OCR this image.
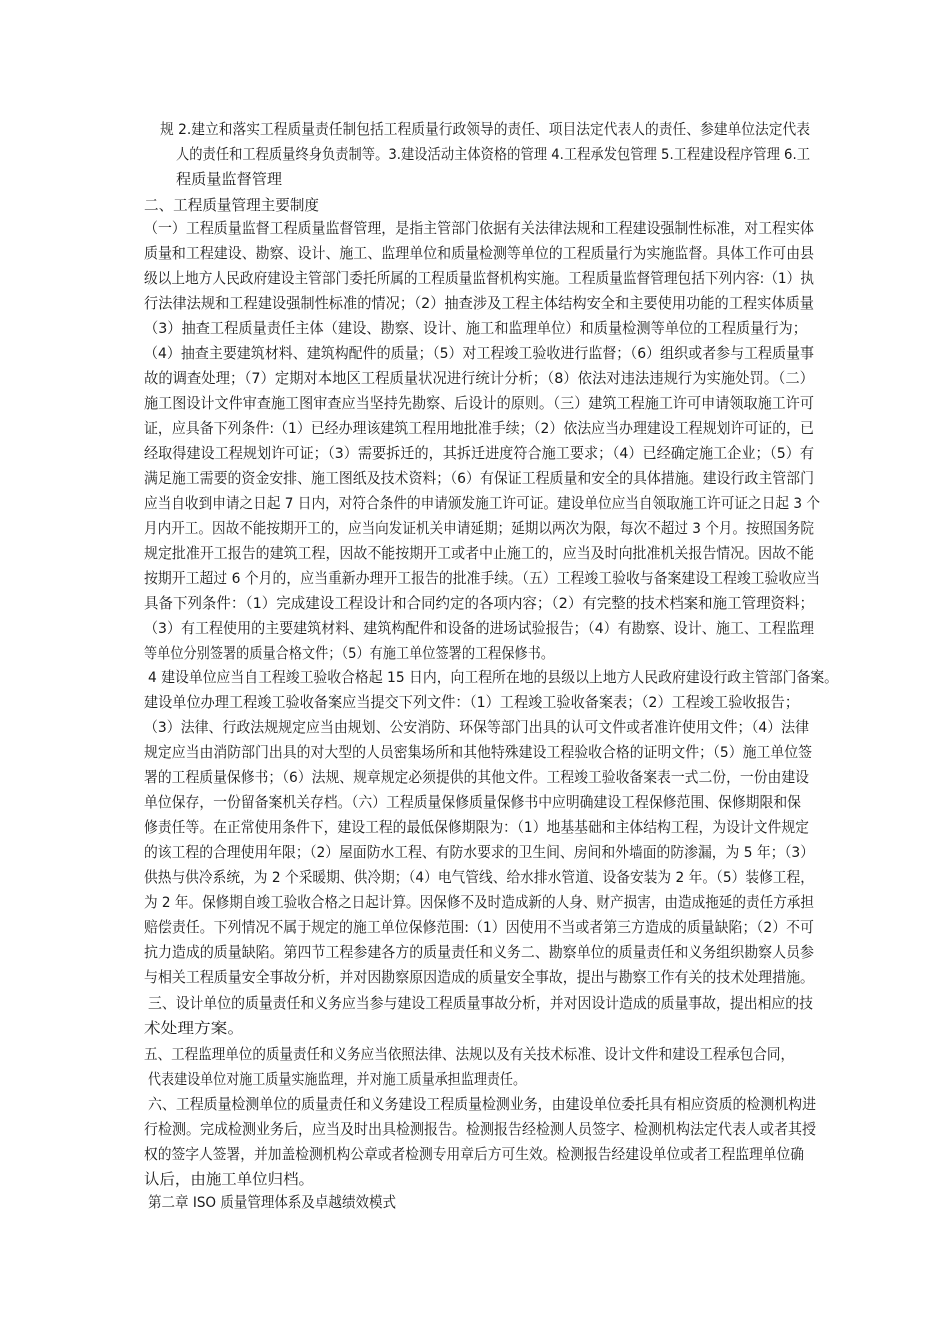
规 2.建立和落实工程质量责任制包括工程质量行政领导的责任、项目法定代表人的责任、参建单位法定代表
人的责任和工程质量终身负责制等。3.建设活动主体资格的管理 4.工程承发包管理 5.工程建设程序管理 6.工
程质量监督管理
二、工程质量管理主要制度
（一）工程质量监督工程质量监督管理，是指主管部门依据有关法律法规和工程建设强制性标准，对工程实体
质量和工程建设、勘察、设计、施工、监理单位和质量检测等单位的工程质量行为实施监督。具体工作可由县
级以上地方人民政府建设主管部门委托所属的工程质量监督机构实施。工程质量监督管理包括下列内容:（1）执
行法律法规和工程建设强制性标准的情况；（2）抽查涉及工程主体结构安全和主要使用功能的工程实体质量
（3）抽查工程质量责任主体（建设、勘察、设计、施工和监理单位）和质量检测等单位的工程质量行为；
（4）抽查主要建筑材料、建筑构配件的质量；（5）对工程竣工验收进行监督；（6）组织或者参与工程质量事
故的调查处理；（7）定期对本地区工程质量状况进行统计分析；（8）依法对违法违规行为实施处罚。（二）
施工图设计文件审查施工图审查应当坚持先勘察、后设计的原则。（三）建筑工程施工许可申请领取施工许可
证，应具备下列条件:（1）已经办理该建筑工程用地批准手续；（2）依法应当办理建设工程规划许可证的，已
经取得建设工程规划许可证；（3）需要拆迁的，其拆迁进度符合施工要求；（4）已经确定施工企业；（5）有
满足施工需要的资金安排、施工图纸及技术资料；（6）有保证工程质量和安全的具体措施。建设行政主管部门
应当自收到申请之日起 7 日内，对符合条件的申请颁发施工许可证。建设单位应当自领取施工许可证之日起 3 个
月内开工。因故不能按期开工的，应当向发证机关申请延期；延期以两次为限，每次不超过 3 个月。按照国务院
规定批准开工报告的建筑工程，因故不能按期开工或者中止施工的，应当及时向批准机关报告情况。因故不能
按期开工超过 6 个月的，应当重新办理开工报告的批准手续。（五）工程竣工验收与备案建设工程竣工验收应当
具备下列条件：（1）完成建设工程设计和合同约定的各项内容；（2）有完整的技术档案和施工管理资料；
（3）有工程使用的主要建筑材料、建筑构配件和设备的进场试验报告；（4）有勘察、设计、施工、工程监理
等单位分别签署的质量合格文件；（5）有施工单位签署的工程保修书。
4 建设单位应当自工程竣工验收合格起 15 日内，向工程所在地的县级以上地方人民政府建设行政主管部门备案。
建设单位办理工程竣工验收备案应当提交下列文件：（1）工程竣工验收备案表；（2）工程竣工验收报告；
（3）法律、行政法规规定应当由规划、公安消防、环保等部门出具的认可文件或者准许使用文件；（4）法律
规定应当由消防部门出具的对大型的人员密集场所和其他特殊建设工程验收合格的证明文件；（5）施工单位签
署的工程质量保修书；（6）法规、规章规定必须提供的其他文件。工程竣工验收备案表一式二份，一份由建设
单位保存，一份留备案机关存档。（六）工程质量保修质量保修书中应明确建设工程保修范围、保修期限和保
修责任等。在正常使用条件下，建设工程的最低保修期限为：（1）地基基础和主体结构工程，为设计文件规定
的该工程的合理使用年限；（2）屋面防水工程、有防水要求的卫生间、房间和外墙面的防渗漏，为 5 年；（3）
供热与供冷系统，为 2 个采暖期、供冷期；（4）电气管线、给水排水管道、设备安装为 2 年。（5）装修工程，
为 2 年。保修期自竣工验收合格之日起计算。因保修不及时造成新的人身、财产损害，由造成拖延的责任方承担
赔偿责任。下列情况不属于规定的施工单位保修范围:（1）因使用不当或者第三方造成的质量缺陷；（2）不可
抗力造成的质量缺陷。第四节工程参建各方的质量责任和义务二、勘察单位的质量责任和义务组织勘察人员参
与相关工程质量安全事故分析，并对因勘察原因造成的质量安全事故，提出与勘察工作有关的技术处理措施。
三、设计单位的质量责任和义务应当参与建设工程质量事故分析，并对因设计造成的质量事故，提出相应的技
术处理方案。
五、工程监理单位的质量责任和义务应当依照法律、法规以及有关技术标准、设计文件和建设工程承包合同，
代表建设单位对施工质量实施监理，并对施工质量承担监理责任。
六、工程质量检测单位的质量责任和义务建设工程质量检测业务，由建设单位委托具有相应资质的检测机构进
行检测。完成检测业务后，应当及时出具检测报告。检测报告经检测人员签字、检测机构法定代表人或者其授
权的签字人签署，并加盖检测机构公章或者检测专用章后方可生效。检测报告经建设单位或者工程监理单位确
认后，由施工单位归档。
第二章 ISO 质量管理体系及卓越绩效模式
